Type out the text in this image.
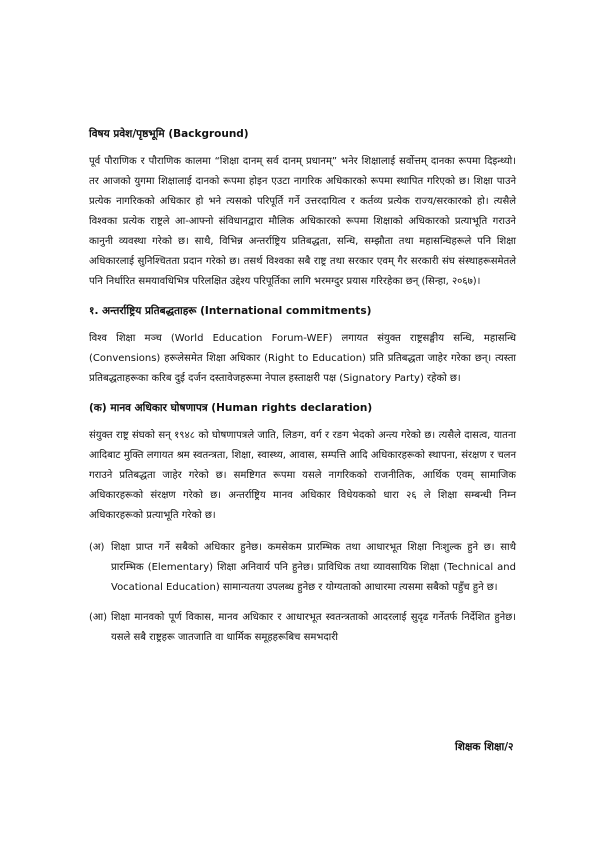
विषय प्रवेश/पृष्ठभूमि (Background)

पूर्व पौराणिक र पौराणिक कालमा “शिक्षा दानम् सर्व दानम् प्रधानम्” भनेर शिक्षालाई सर्वोत्तम् दानका रूपमा दिइन्थ्यो। तर आजको युगमा शिक्षालाई दानको रूपमा होइन एउटा नागरिक अधिकारको रूपमा स्थापित गरिएको छ। शिक्षा पाउने प्रत्येक नागरिकको अधिकार हो भने त्यसको परिपूर्ति गर्ने उत्तरदायित्व र कर्तव्य प्रत्येक राज्य/सरकारको हो। त्यसैले विश्वका प्रत्येक राष्ट्रले आ-आफ्नो संविधानद्वारा मौलिक अधिकारको रूपमा शिक्षाको अधिकारको प्रत्याभूति गराउने कानुनी व्यवस्था गरेको छ। साथै, विभिन्न अन्तर्राष्ट्रिय प्रतिबद्धता, सन्धि, सम्झौता तथा महासन्धिहरूले पनि शिक्षा अधिकारलाई सुनिश्चितता प्रदान गरेको छ। तसर्थ विश्वका सबै राष्ट्र तथा सरकार एवम् गैर सरकारी संघ संस्थाहरूसमेतले पनि निर्धारित समयावधिभित्र परिलक्षित उद्देश्य परिपूर्तिका लागि भरमग्दुर प्रयास गरिरहेका छन् (सिन्हा, २०६७)।

१. अन्तर्राष्ट्रिय प्रतिबद्धताहरू (International commitments)

विश्व शिक्षा मञ्च (World Education Forum-WEF) लगायत संयुक्त राष्ट्रसङ्घीय सन्धि, महासन्धि (Convensions) हरूलेसमेत शिक्षा अधिकार (Right to Education) प्रति प्रतिबद्धता जाहेर गरेका छन्। त्यस्ता प्रतिबद्धताहरूका करिब दुई दर्जन दस्तावेजहरूमा नेपाल हस्ताक्षरी पक्ष (Signatory Party) रहेको छ।

(क) मानव अधिकार घोषणापत्र (Human rights declaration)

संयुक्त राष्ट्र संघको सन् १९४८ को घोषणापत्रले जाति, लिङग, वर्ग र रङग भेदको अन्त्य गरेको छ। त्यसैले दासत्व, यातना आदिबाट मुक्ति लगायत श्रम स्वतन्त्रता, शिक्षा, स्वास्थ्य, आवास, सम्पत्ति आदि अधिकारहरूको स्थापना, संरक्षण र चलन गराउने प्रतिबद्धता जाहेर गरेको छ। समष्टिगत रूपमा यसले नागरिकको राजनीतिक, आर्थिक एवम् सामाजिक अधिकारहरूको संरक्षण गरेको छ। अन्तर्राष्ट्रिय मानव अधिकार विधेयकको धारा २६ ले शिक्षा सम्बन्धी निम्न अधिकारहरूको प्रत्याभूति गरेको छ।

(अ) शिक्षा प्राप्त गर्ने सबैको अधिकार हुनेछ। कमसेकम प्रारम्भिक तथा आधारभूत शिक्षा निःशुल्क हुने छ। साथै प्रारम्भिक (Elementary) शिक्षा अनिवार्य पनि हुनेछ। प्राविधिक तथा व्यावसायिक शिक्षा (Technical and Vocational Education) सामान्यतया उपलब्ध हुनेछ र योग्यताको आधारमा त्यसमा सबैको पहुँच हुने छ।
(आ) शिक्षा मानवको पूर्ण विकास, मानव अधिकार र आधारभूत स्वतन्त्रताको आदरलाई सुदृढ गर्नेतर्फ निर्देशित हुनेछ। यसले सबै राष्ट्रहरू जातजाति वा धार्मिक समूहहरूबिच समभदारी
शिक्षक शिक्षा/२
